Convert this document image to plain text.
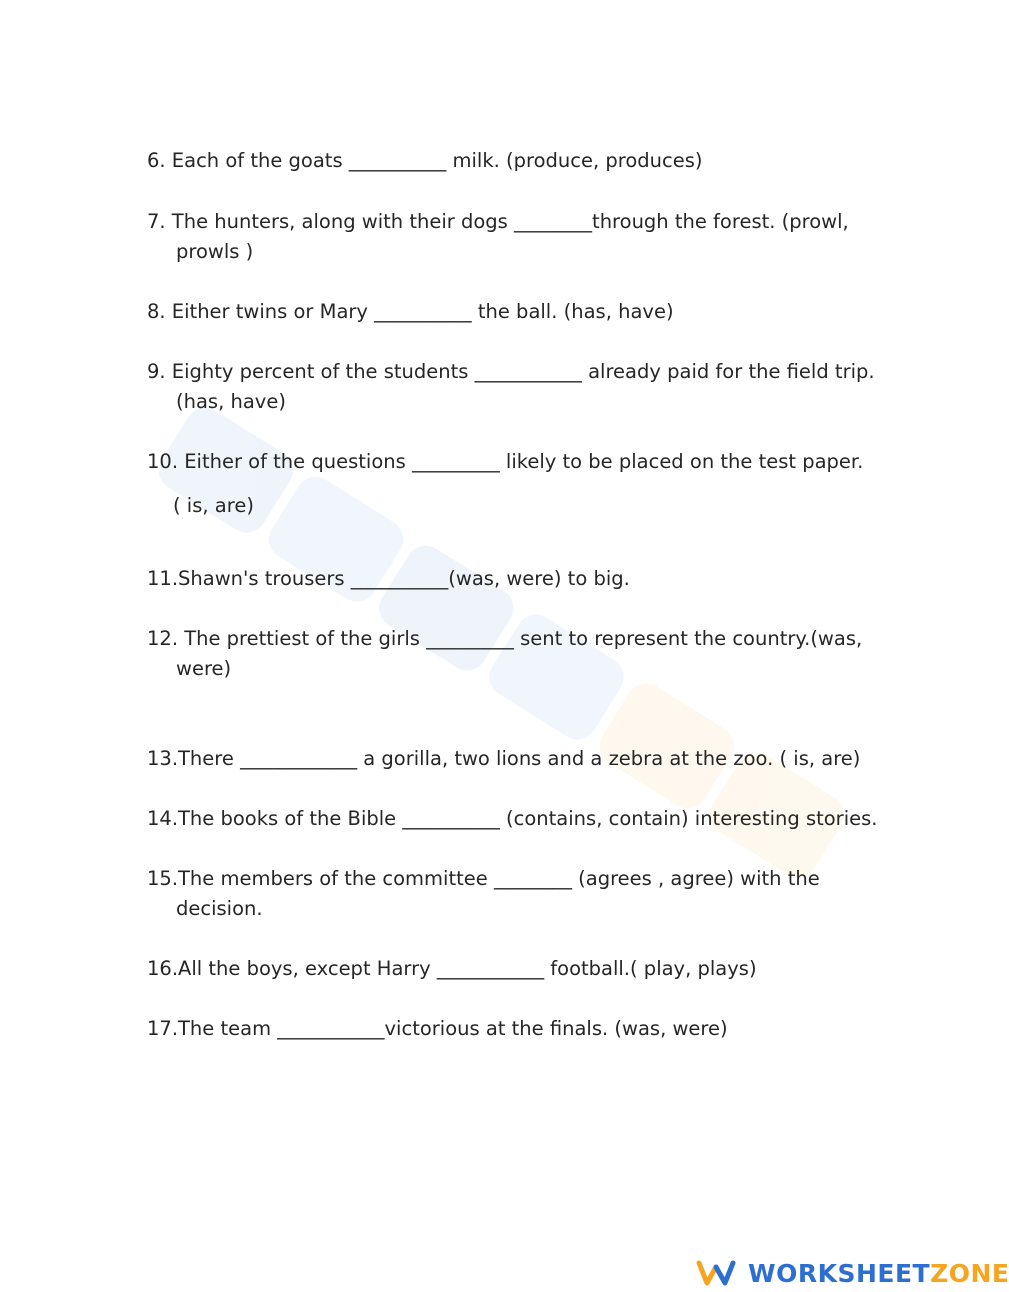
6. Each of the goats __________ milk. (produce, produces)
7. The hunters, along with their dogs ________through the forest. (prowl,
prowls )
8. Either twins or Mary __________ the ball. (has, have)
9. Eighty percent of the students ___________ already paid for the field trip.
(has, have)
10. Either of the questions _________ likely to be placed on the test paper.
( is, are)
11.Shawn's trousers __________(was, were) to big.
12. The prettiest of the girls _________ sent to represent the country.(was,
were)
13.There ____________ a gorilla, two lions and a zebra at the zoo. ( is, are)
14.The books of the Bible __________ (contains, contain) interesting stories.
15.The members of the committee ________ (agrees , agree) with the
decision.
16.All the boys, except Harry ___________ football.( play, plays)
17.The team ___________victorious at the finals. (was, were)
WORKSHEET ZONE
